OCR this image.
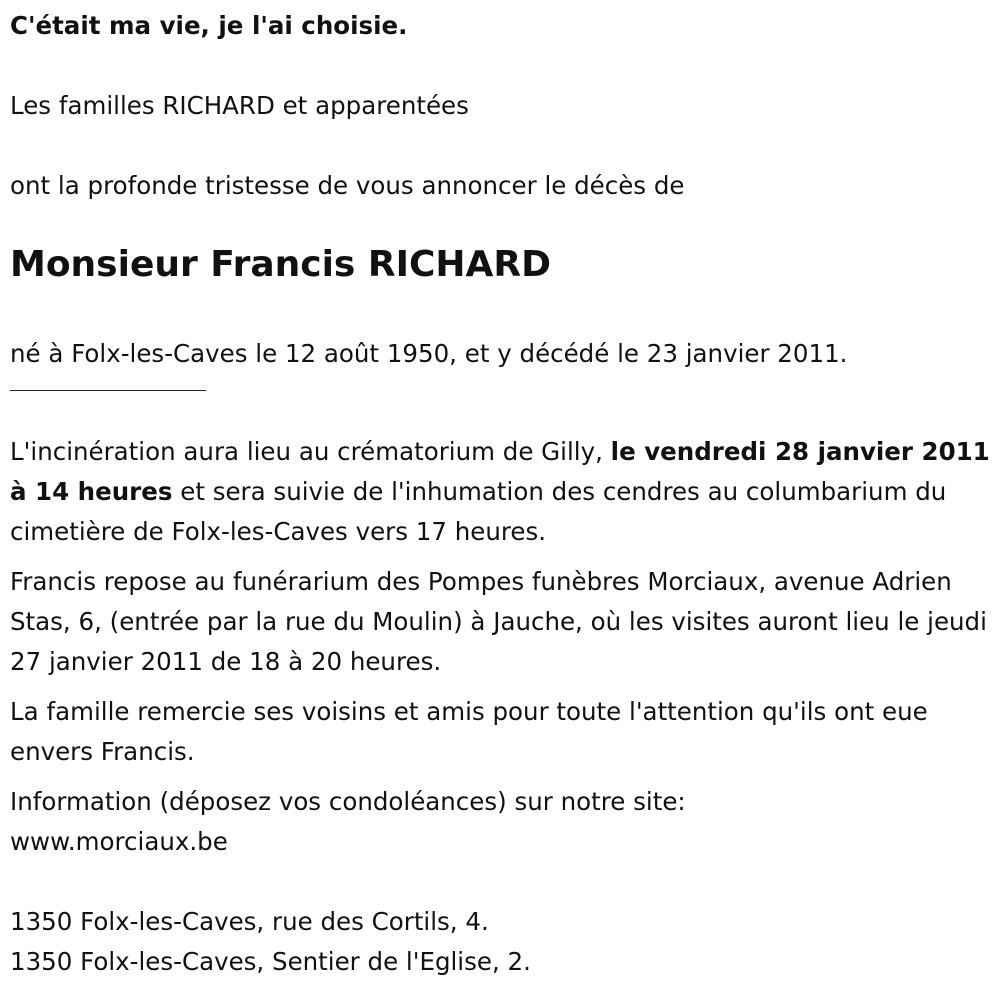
C'était ma vie, je l'ai choisie.

Les familles RICHARD et apparentées

ont la profonde tristesse de vous annoncer le décès de

Monsieur Francis RICHARD

né à Folx-les-Caves le 12 août 1950, et y décédé le 23 janvier 2011.

L'incinération aura lieu au crématorium de Gilly, le vendredi 28 janvier 2011 à 14 heures et sera suivie de l'inhumation des cendres au columbarium du cimetière de Folx-les-Caves vers 17 heures.

Francis repose au funérarium des Pompes funèbres Morciaux, avenue Adrien Stas, 6, (entrée par la rue du Moulin) à Jauche, où les visites auront lieu le jeudi 27 janvier 2011 de 18 à 20 heures.

La famille remercie ses voisins et amis pour toute l'attention qu'ils ont eue envers Francis.

Information (déposez vos condoléances) sur notre site:

www.morciaux.be

1350 Folx-les-Caves, rue des Cortils, 4.

1350 Folx-les-Caves, Sentier de l'Eglise, 2.
